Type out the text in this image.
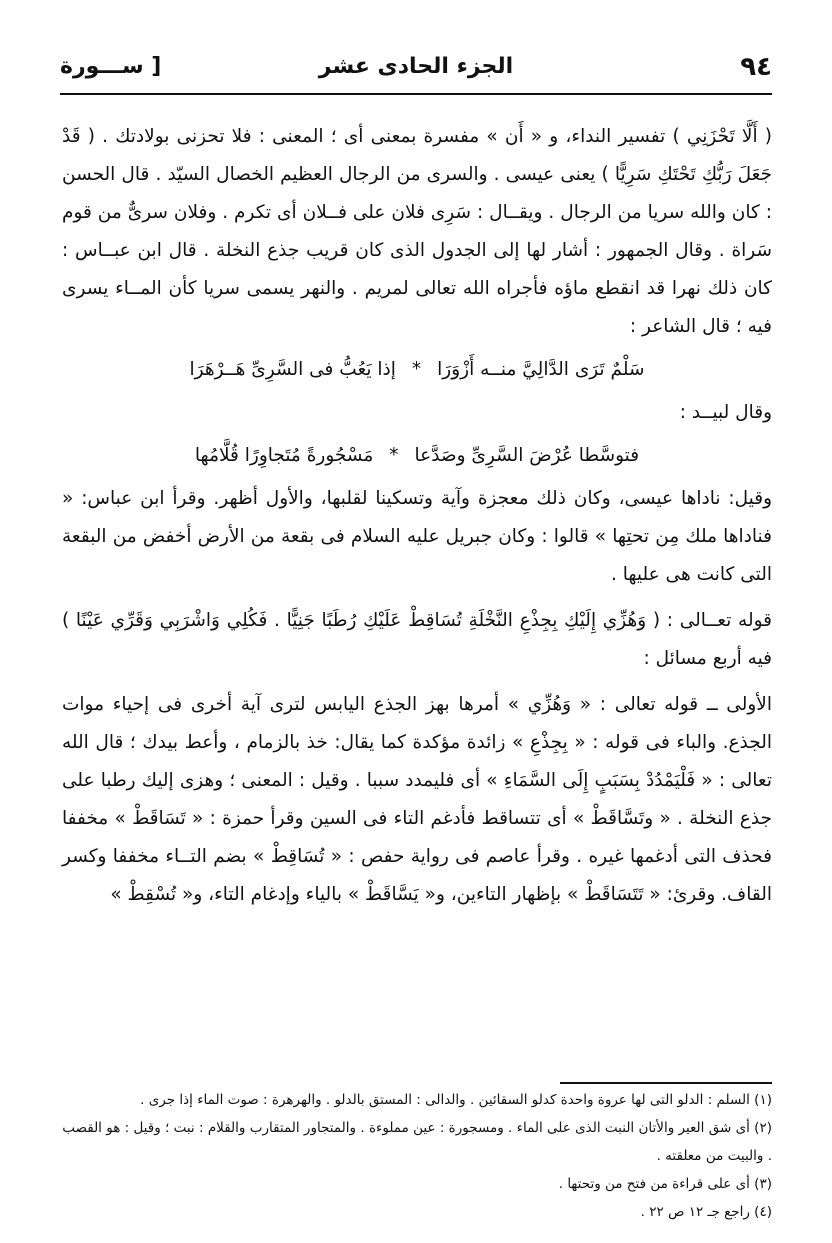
٩٤
الجزء الحادى عشر
[ ســـورة

( أَلَّا تَحْزَنِي ) تفسير النداء، و « أَن » مفسرة بمعنى أى ؛ المعنى : فلا تحزنى بولادتك . ( قَدْ جَعَلَ رَبُّكِ تَحْتَكِ سَرِيًّا ) يعنى عيسى . والسرى من الرجال العظيم الخصال السيّد . قال الحسن : كان والله سريا من الرجال . ويقــال : سَرِى فلان على فــلان أى تكرم . وفلان سرىٌّ من قوم سَراة . وقال الجمهور : أشار لها إلى الجدول الذى كان قريب جذع النخلة . قال ابن عبــاس : كان ذلك نهرا قد انقطع ماؤه فأجراه الله تعالى لمريم . والنهر يسمى سريا كأن المــاء يسرى فيه ؛ قال الشاعر :

سَلْمٌ تَرَى الدَّالِيَّ منــه أَزْوَرَا*إذا يَعُبُّ فى السَّرِىِّ هَــرْهَرَا

وقال لبيــد :

فتوسَّطا عُرْضَ السَّرِىِّ وصَدَّعا*مَسْجُورةً مُتَجاوِرًا قُلَّامُها

وقيل: ناداها عيسى، وكان ذلك معجزة وآية وتسكينا لقلبها، والأول أظهر. وقرأ ابن عباس: « فناداها ملك مِن تحتِها » قالوا : وكان جبريل عليه السلام فى بقعة من الأرض أخفض من البقعة التى كانت هى عليها .

قوله تعــالى : ( وَهُزِّي إِلَيْكِ بِجِذْعِ النَّخْلَةِ تُسَاقِطْ عَلَيْكِ رُطَبًا جَنِيًّا . فَكُلِي وَاشْرَبِي وَقَرِّي عَيْنًا ) فيه أربع مسائل :

الأولى ــ قوله تعالى : « وَهُزِّي » أمرها بهز الجذع اليابس لترى آية أخرى فى إحياء موات الجذع. والباء فى قوله : « بِجِذْعِ » زائدة مؤكدة كما يقال: خذ بالزمام ، وأعط بيدك ؛ قال الله تعالى : « فَلْيَمْدُدْ بِسَبَبٍ إِلَى السَّمَاءِ » أى فليمدد سببا . وقيل : المعنى ؛ وهزى إليك رطبا على جذع النخلة . « وتَسَّاقَطْ » أى تتساقط فأدغم التاء فى السين وقرأ حمزة : « تَسَاقَطْ » مخففا فحذف التى أدغمها غيره . وقرأ عاصم فى رواية حفص : « تُسَاقِطْ » بضم التــاء مخففا وكسر القاف. وقرئ: « تَتَسَاقَطْ » بإظهار التاءين، و« يَسَّاقَطْ » بالياء وإدغام التاء، و« تُسْقِطْ »

(١) السلم : الدلو التى لها عروة واحدة كدلو السقائين . والدالى : المستق بالدلو . والهرهرة : صوت الماء إذا جرى .

(٢) أى شق العير والأتان النبت الذى على الماء . ومسجورة : عين مملوءة . والمتجاور المتقارب والقلام : نبت ؛ وقيل : هو القصب . والبيت من معلقته .

(٣) أى على قراءة من فتح من وتحتها .

(٤) راجع جـ ١٢ ص ٢٢ .
